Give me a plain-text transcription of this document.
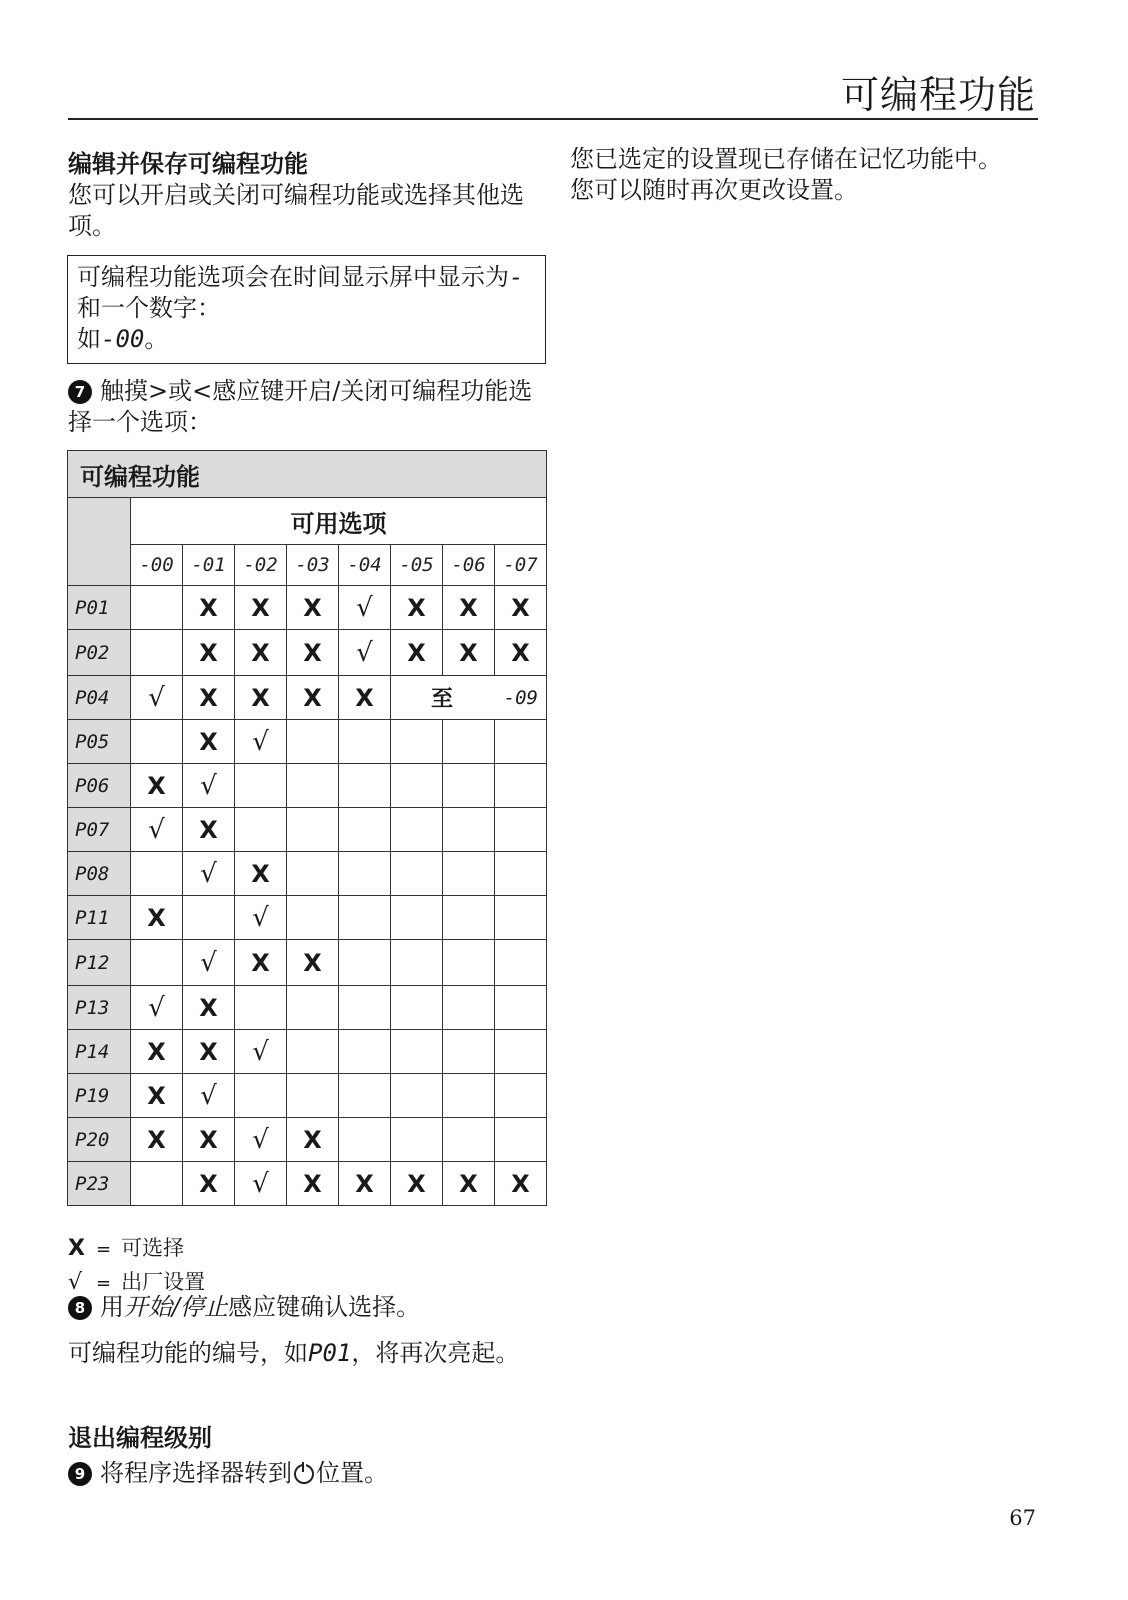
可编程功能
编辑并保存可编程功能
您可以开启或关闭可编程功能或选择其他选项。
可编程功能选项会在时间显示屏中显示为-和一个数字：
如-00。
7 触摸>或<感应键开启/关闭可编程功能选择一个选项：
可编程功能								
	可用选项							
	-00	-01	-02	-03	-04	-05	-06	-07
P01		X	X	X	√	X	X	X
P02		X	X	X	√	X	X	X
P04	√	X	X	X	X	至 -09		

P05		X	√					
P06	X	√						
P07	√	X						
P08		√	X					
P11	X		√					
P12		√	X	X				
P13	√	X						
P14	X	X	√					
P19	X	√						
P20	X	X	√	X				
P23		X	√	X	X	X	X	X
X = 可选择
√ = 出厂设置
8 用开始/停止感应键确认选择。
可编程功能的编号，如P01，将再次亮起。
退出编程级别
9 将程序选择器转到 位置。
您已选定的设置现已存储在记忆功能中。您可以随时再次更改设置。
67
